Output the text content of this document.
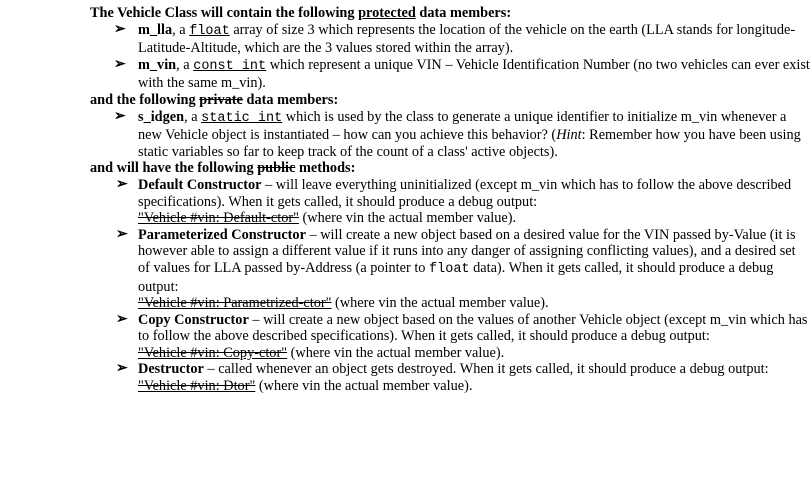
The Vehicle Class will contain the following protected data members:

➢ m_lla, a float array of size 3 which represents the location of the vehicle on the earth (LLA stands for longitude-Latitude-Altitude, which are the 3 values stored within the array).
➢ m_vin, a const int which represent a unique VIN – Vehicle Identification Number (no two vehicles can ever exist with the same m_vin).

and the following private data members:

➢ s_idgen, a static int which is used by the class to generate a unique identifier to initialize m_vin whenever a new Vehicle object is instantiated – how can you achieve this behavior? (Hint: Remember how you have been using static variables so far to keep track of the count of a class' active objects).

and will have the following public methods:

➢ Default Constructor – will leave everything uninitialized (except m_vin which has to follow the above described specifications). When it gets called, it should produce a debug output:
"Vehicle #vin: Default-ctor" (where vin the actual member value).
➢ Parameterized Constructor – will create a new object based on a desired value for the VIN passed by-Value (it is however able to assign a different value if it runs into any danger of assigning conflicting values), and a desired set of values for LLA passed by-Address (a pointer to float data). When it gets called, it should produce a debug output:
"Vehicle #vin: Parametrized-ctor" (where vin the actual member value).
➢ Copy Constructor – will create a new object based on the values of another Vehicle object (except m_vin which has to follow the above described specifications). When it gets called, it should produce a debug output:
"Vehicle #vin: Copy-ctor" (where vin the actual member value).
➢ Destructor – called whenever an object gets destroyed. When it gets called, it should produce a debug output:
"Vehicle #vin: Dtor" (where vin the actual member value).
